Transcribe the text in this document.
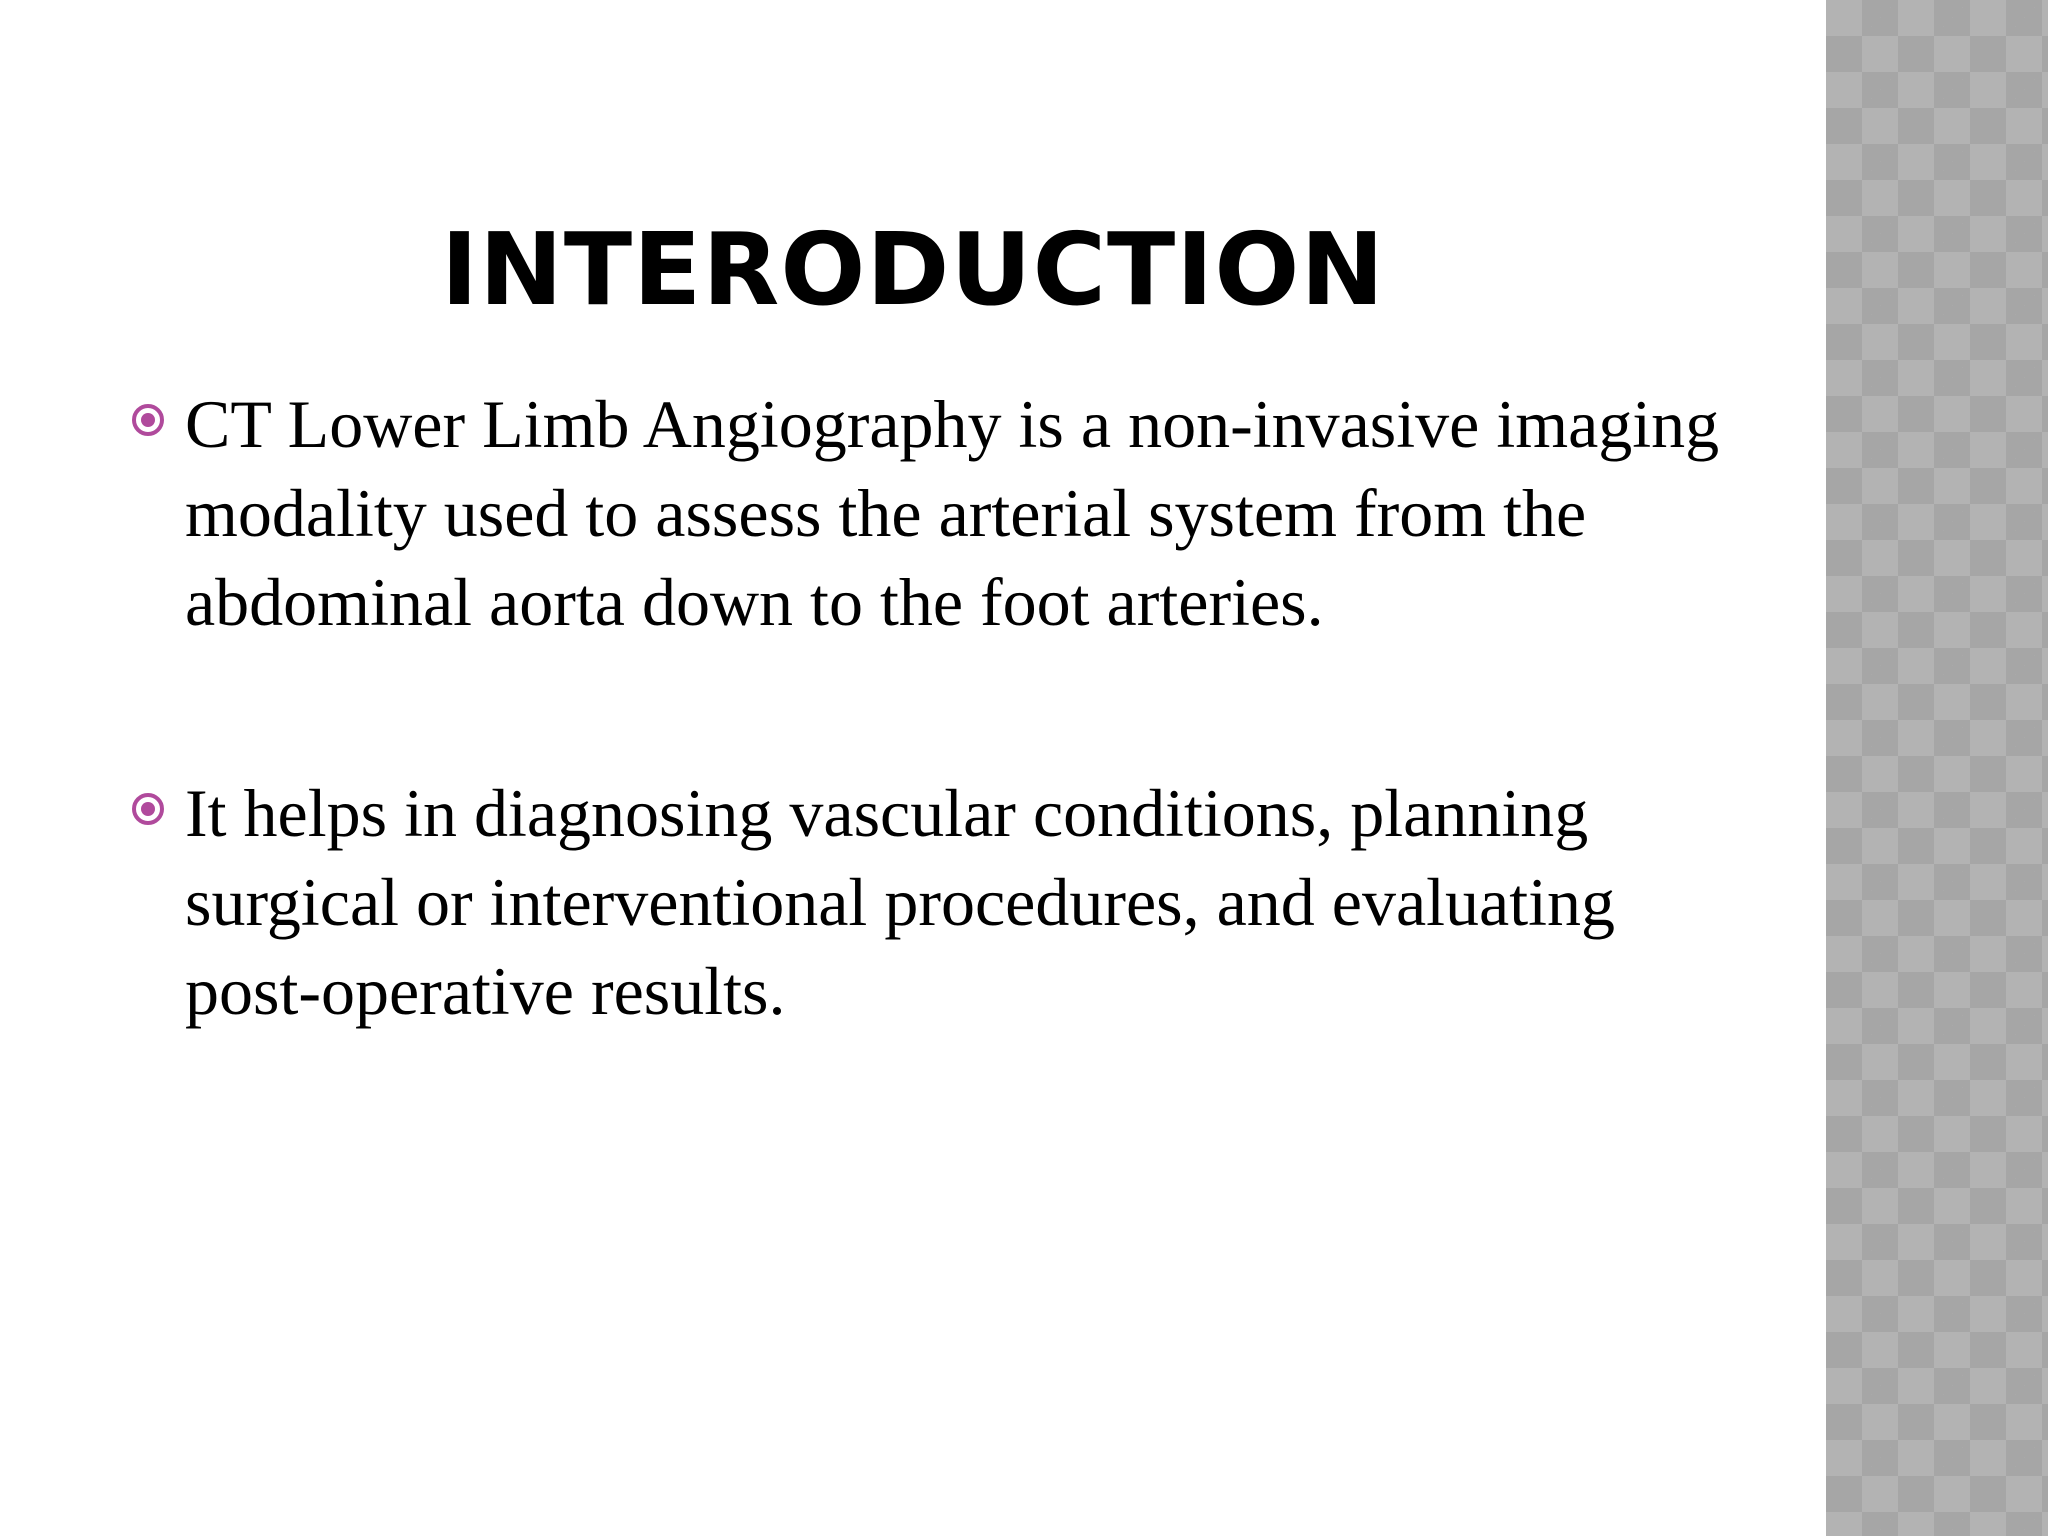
INTERODUCTION
CT Lower Limb Angiography is a non-invasive imaging modality used to assess the arterial system from the abdominal aorta down to the foot arteries.
It helps in diagnosing vascular conditions, planning surgical or interventional procedures, and evaluating post-operative results.
